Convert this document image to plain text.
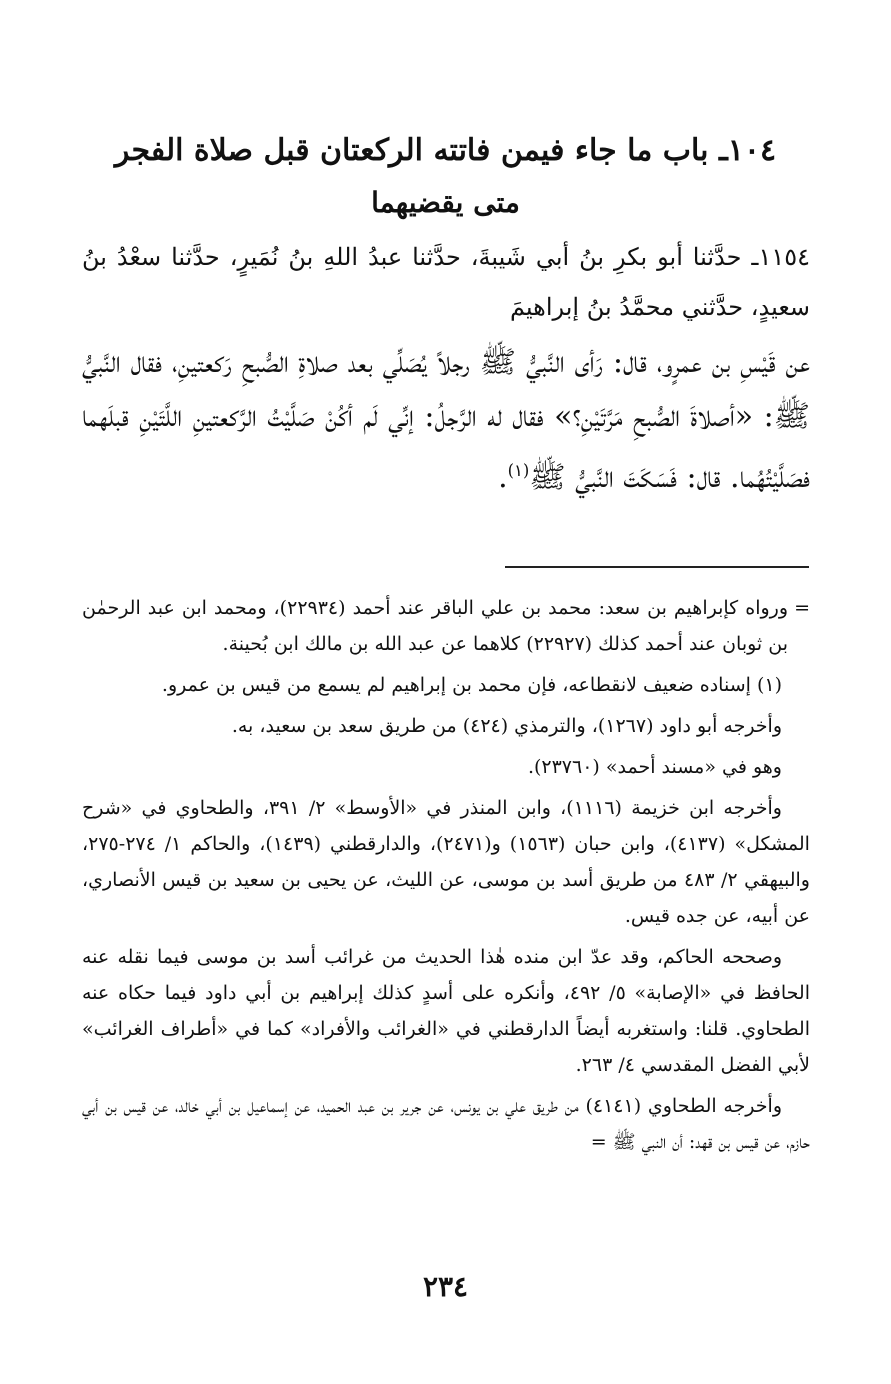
١٠٤ـ باب ما جاء فيمن فاتته الركعتان قبل صلاة الفجر
متى يقضيهما

١١٥٤ـ حدَّثنا أبو بكرِ بنُ أبي شَيبةَ، حدَّثنا عبدُ اللهِ بنُ نُمَيرٍ، حدَّثنا سعْدُ بنُ سعيدٍ، حدَّثني محمَّدُ بنُ إبراهيمَ

عن قَيْسِ بن عمرٍو، قال: رَأى النَّبيُّ ﷺ رجلاً يُصَلِّي بعد صلاةِ الصُّبحِ رَكعتينِ، فقال النَّبيُّ ﷺ: «أصلاةَ الصُّبحِ مَرَّتَيْنِ؟» فقال له الرَّجلُ: إنِّي لَم أكُنْ صَلَّيْتُ الرَّكعتينِ اللَّتَيْنِ قبلَهما فصَلَّيْتُهُما. قال: فَسَكَتَ النَّبيُّ ﷺ$^{(١)}$.

=
ورواه كإبراهيم بن سعد: محمد بن علي الباقر عند أحمد (٢٢٩٣٤)، ومحمد ابن عبد الرحمٰن بن ثوبان عند أحمد كذلك (٢٢٩٢٧) كلاهما عن عبد الله بن مالك ابن بُحينة.

(١) إسناده ضعيف لانقطاعه، فإن محمد بن إبراهيم لم يسمع من قيس بن عمرو.

وأخرجه أبو داود (١٢٦٧)، والترمذي (٤٢٤) من طريق سعد بن سعيد، به.

وهو في «مسند أحمد» (٢٣٧٦٠).

وأخرجه ابن خزيمة (١١١٦)، وابن المنذر في «الأوسط» ٢/ ٣٩١، والطحاوي في «شرح المشكل» (٤١٣٧)، وابن حبان (١٥٦٣) و(٢٤٧١)، والدارقطني (١٤٣٩)، والحاكم ١/ ٢٧٤-٢٧٥، والبيهقي ٢/ ٤٨٣ من طريق أسد بن موسى، عن الليث، عن يحيى بن سعيد بن قيس الأنصاري، عن أبيه، عن جده قيس.

وصححه الحاكم، وقد عدّ ابن منده هٰذا الحديث من غرائب أسد بن موسى فيما نقله عنه الحافظ في «الإصابة» ٥/ ٤٩٢، وأنكره على أسدٍ كذلك إبراهيم بن أبي داود فيما حكاه عنه الطحاوي. قلنا: واستغربه أيضاً الدارقطني في «الغرائب والأفراد» كما في «أطراف الغرائب» لأبي الفضل المقدسي ٤/ ٢٦٣.

وأخرجه الطحاوي (٤١٤١) من طريق علي بن يونس، عن جرير بن عبد الحميد، عن إسماعيل بن أبي خالد، عن قيس بن أبي حازم، عن قيس بن قهد: أن النبي ﷺ =

٢٣٤
